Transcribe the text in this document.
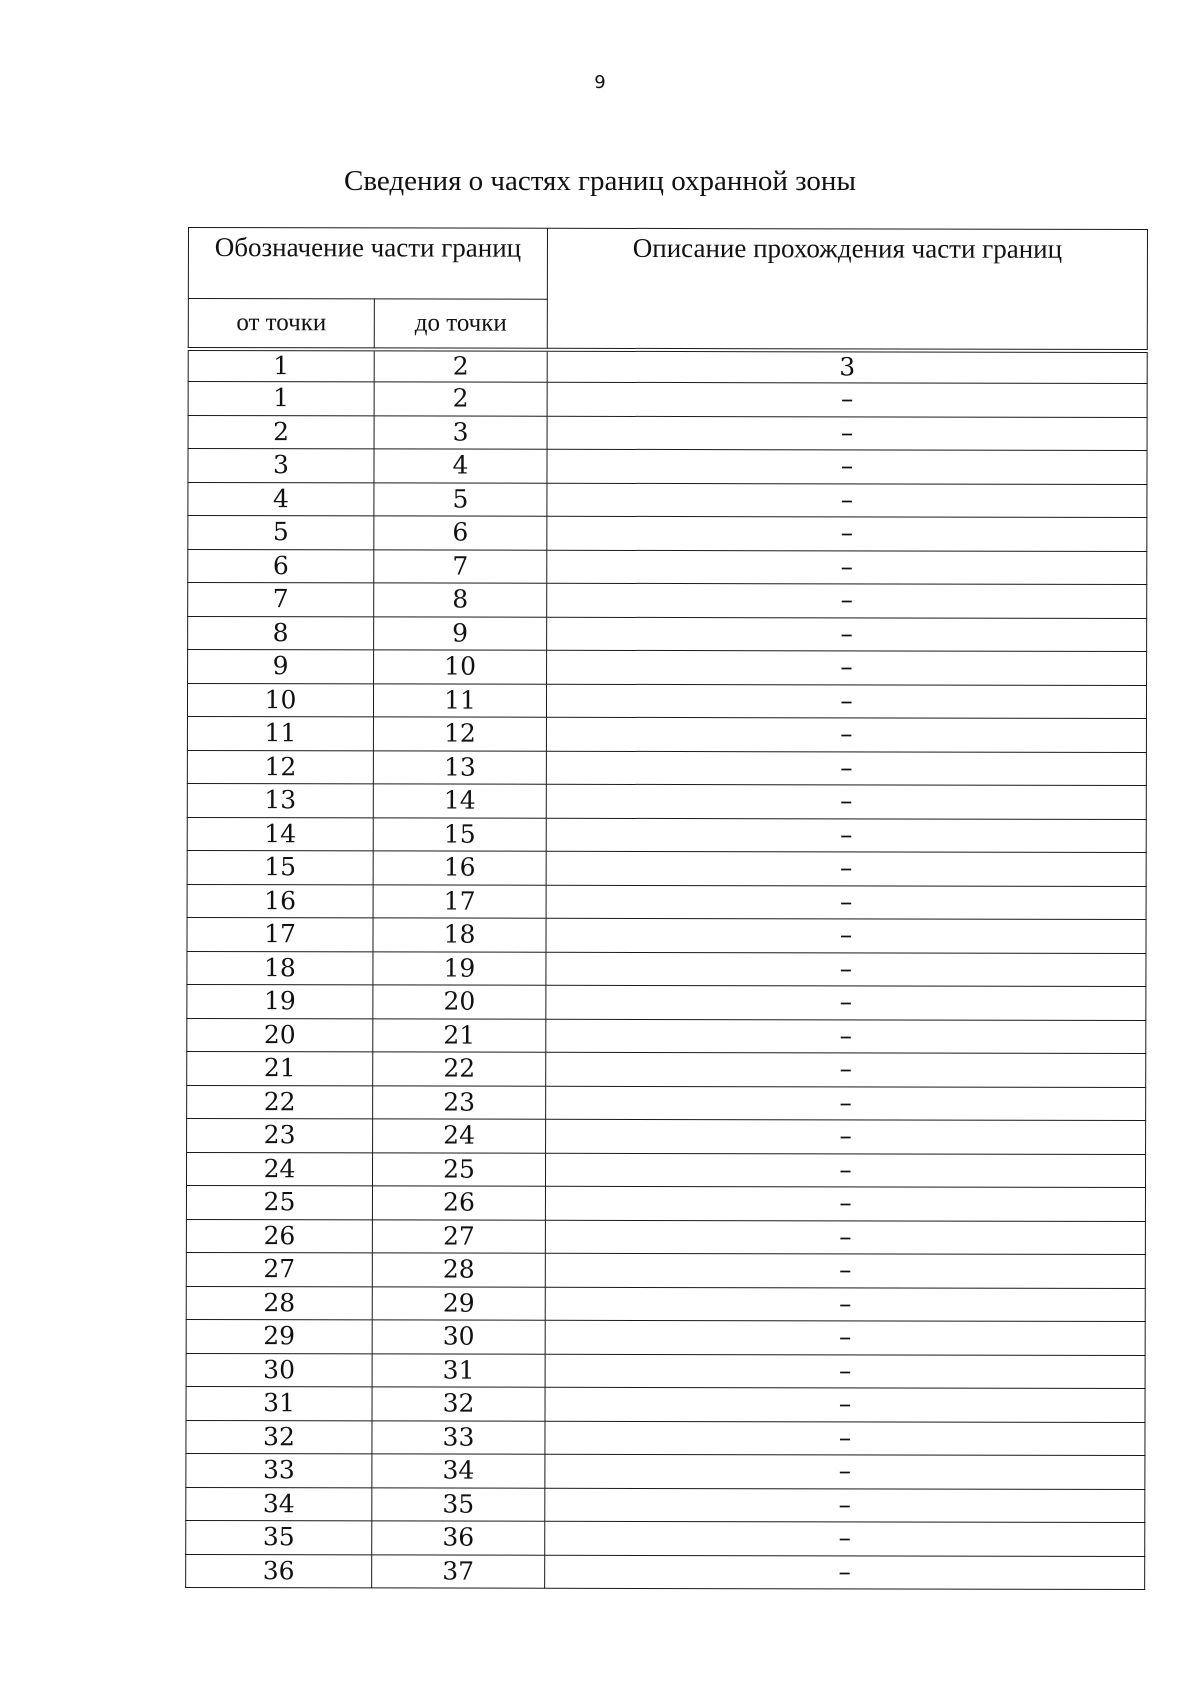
9
Сведения о частях границ охранной зоны
Обозначение части границ		Описание прохождения части границ

от точки	до точки	

1	2	3
1	2	–
2	3	–
3	4	–
4	5	–
5	6	–
6	7	–
7	8	–
8	9	–
9	10	–
10	11	–
11	12	–
12	13	–
13	14	–
14	15	–
15	16	–
16	17	–
17	18	–
18	19	–
19	20	–
20	21	–
21	22	–
22	23	–
23	24	–
24	25	–
25	26	–
26	27	–
27	28	–
28	29	–
29	30	–
30	31	–
31	32	–
32	33	–
33	34	–
34	35	–
35	36	–
36	37	–
